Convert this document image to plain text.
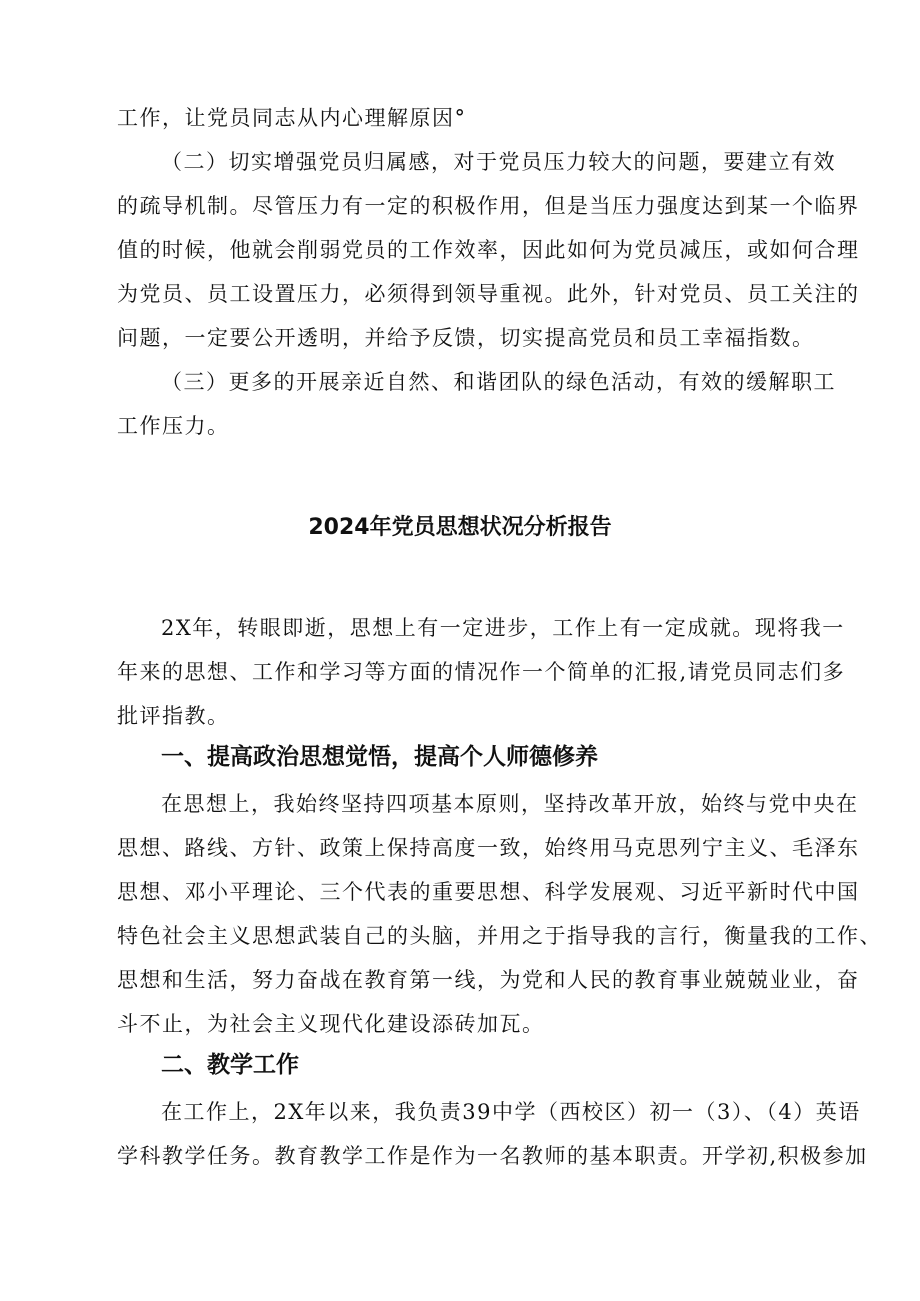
工作，让党员同志从内心理解原因°

（二）切实增强党员归属感，对于党员压力较大的问题，要建立有效

的疏导机制。尽管压力有一定的积极作用，但是当压力强度达到某一个临界

值的时候，他就会削弱党员的工作效率，因此如何为党员减压，或如何合理

为党员、员工设置压力，必须得到领导重视。此外，针对党员、员工关注的

问题，一定要公开透明，并给予反馈，切实提高党员和员工幸福指数。

（三）更多的开展亲近自然、和谐团队的绿色活动，有效的缓解职工

工作压力。

2024年党员思想状况分析报告

2X年，转眼即逝，思想上有一定进步，工作上有一定成就。现将我一

年来的思想、工作和学习等方面的情况作一个简单的汇报,请党员同志们多

批评指教。

一、提高政治思想觉悟，提高个人师德修养

在思想上，我始终坚持四项基本原则，坚持改革开放，始终与党中央在

思想、路线、方针、政策上保持高度一致，始终用马克思列宁主义、毛泽东

思想、邓小平理论、三个代表的重要思想、科学发展观、习近平新时代中国

特色社会主义思想武装自己的头脑，并用之于指导我的言行，衡量我的工作、

思想和生活，努力奋战在教育第一线，为党和人民的教育事业兢兢业业，奋

斗不止，为社会主义现代化建设添砖加瓦。

二、教学工作

在工作上，2X年以来，我负责39中学（西校区）初一（3）、（4）英语

学科教学任务。教育教学工作是作为一名教师的基本职责。开学初,积极参加
